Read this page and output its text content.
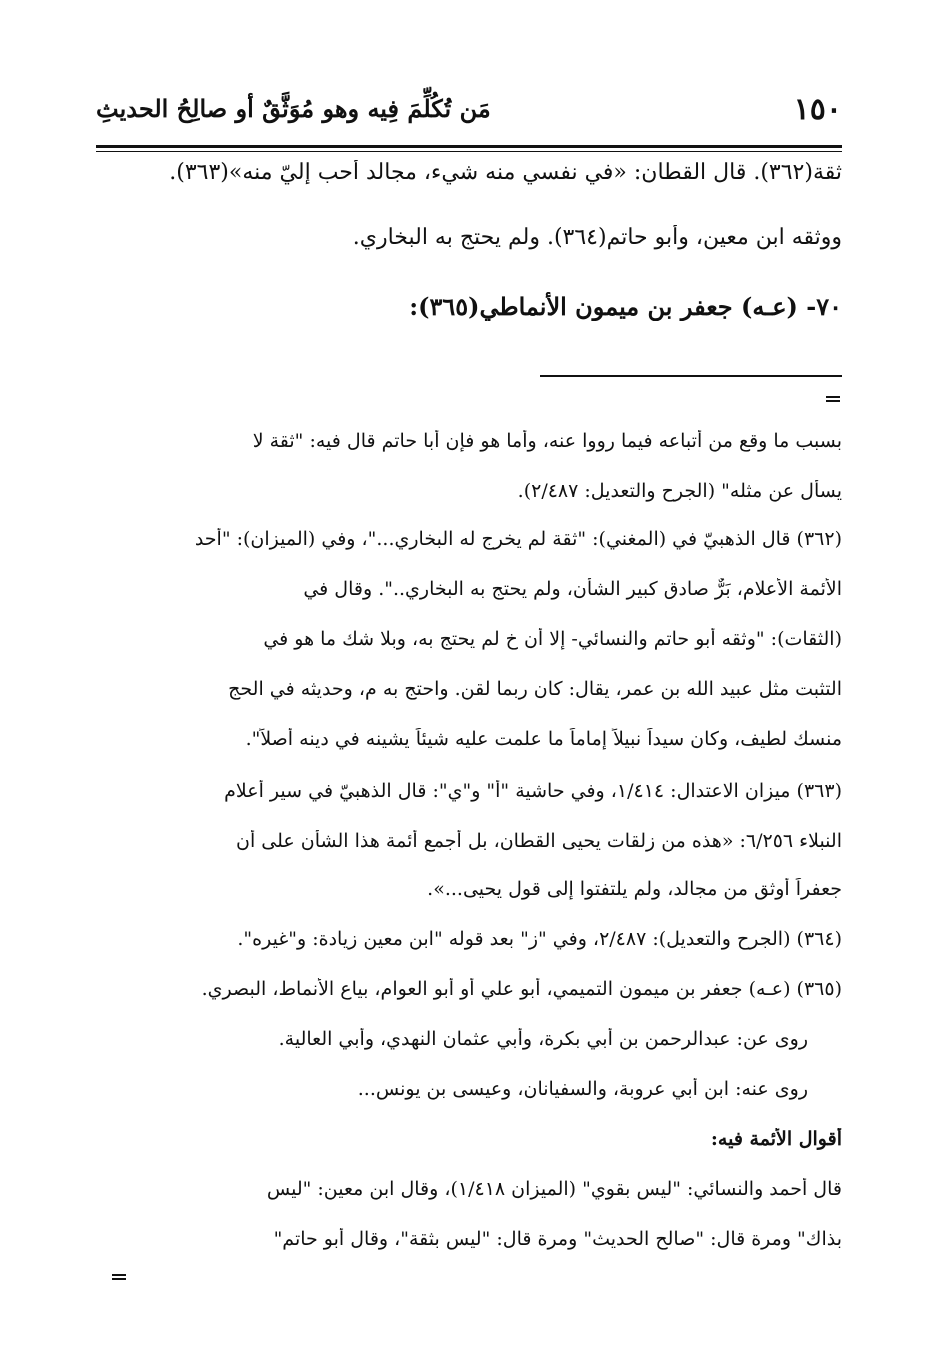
١٥٠
مَن تُكُلِّمَ فِيه وهو مُوَثَّقٌ أو صالِحُ الحديثِ
ثقة(٣٦٢). قال القطان: «في نفسي منه شيء، مجالد أحب إليّ منه»(٣٦٣).
ووثقه ابن معين، وأبو حاتم(٣٦٤). ولم يحتج به البخاري.
٧٠- (عـه) جعفر بن ميمون الأنماطي(٣٦٥):
بسبب ما وقع من أتباعه فيما رووا عنه، وأما هو فإن أبا حاتم قال فيه: "ثقة لا
يسأل عن مثله" (الجرح والتعديل: ٢/٤٨٧).
(٣٦٢) قال الذهبيّ في (المغني): "ثقة لم يخرج له البخاري..."، وفي (الميزان): "أحد
الأئمة الأعلام، بَرٌّ صادق كبير الشأن، ولم يحتج به البخاري..". وقال في
(الثقات): "وثقه أبو حاتم والنسائي- إلا أن خ لم يحتج به، وبلا شك ما هو في
التثبت مثل عبيد الله بن عمر، يقال: كان ربما لقن. واحتج به م، وحديثه في الحج
منسك لطيف، وكان سيداً نبيلاً إماماً ما علمت عليه شيئاً يشينه في دينه أصلاً".
(٣٦٣) ميزان الاعتدال: ١/٤١٤، وفي حاشية "أ" و"ي": قال الذهبيّ في سير أعلام
النبلاء ٦/٢٥٦: «هذه من زلقات يحيى القطان، بل أجمع أئمة هذا الشأن على أن
جعفراً أوثق من مجالد، ولم يلتفتوا إلى قول يحيى...».
(٣٦٤) (الجرح والتعديل): ٢/٤٨٧، وفي "ز" بعد قوله "ابن معين زيادة: و"غيره".
(٣٦٥) (عـه) جعفر بن ميمون التميمي، أبو علي أو أبو العوام، بياع الأنماط، البصري.
روى عن: عبدالرحمن بن أبي بكرة، وأبي عثمان النهدي، وأبي العالية.
روى عنه: ابن أبي عروبة، والسفيانان، وعيسى بن يونس...
أقوال الأئمة فيه:
قال أحمد والنسائي: "ليس بقوي" (الميزان ١/٤١٨)، وقال ابن معين: "ليس
بذاك" ومرة قال: "صالح الحديث" ومرة قال: "ليس بثقة"، وقال أبو حاتم"
